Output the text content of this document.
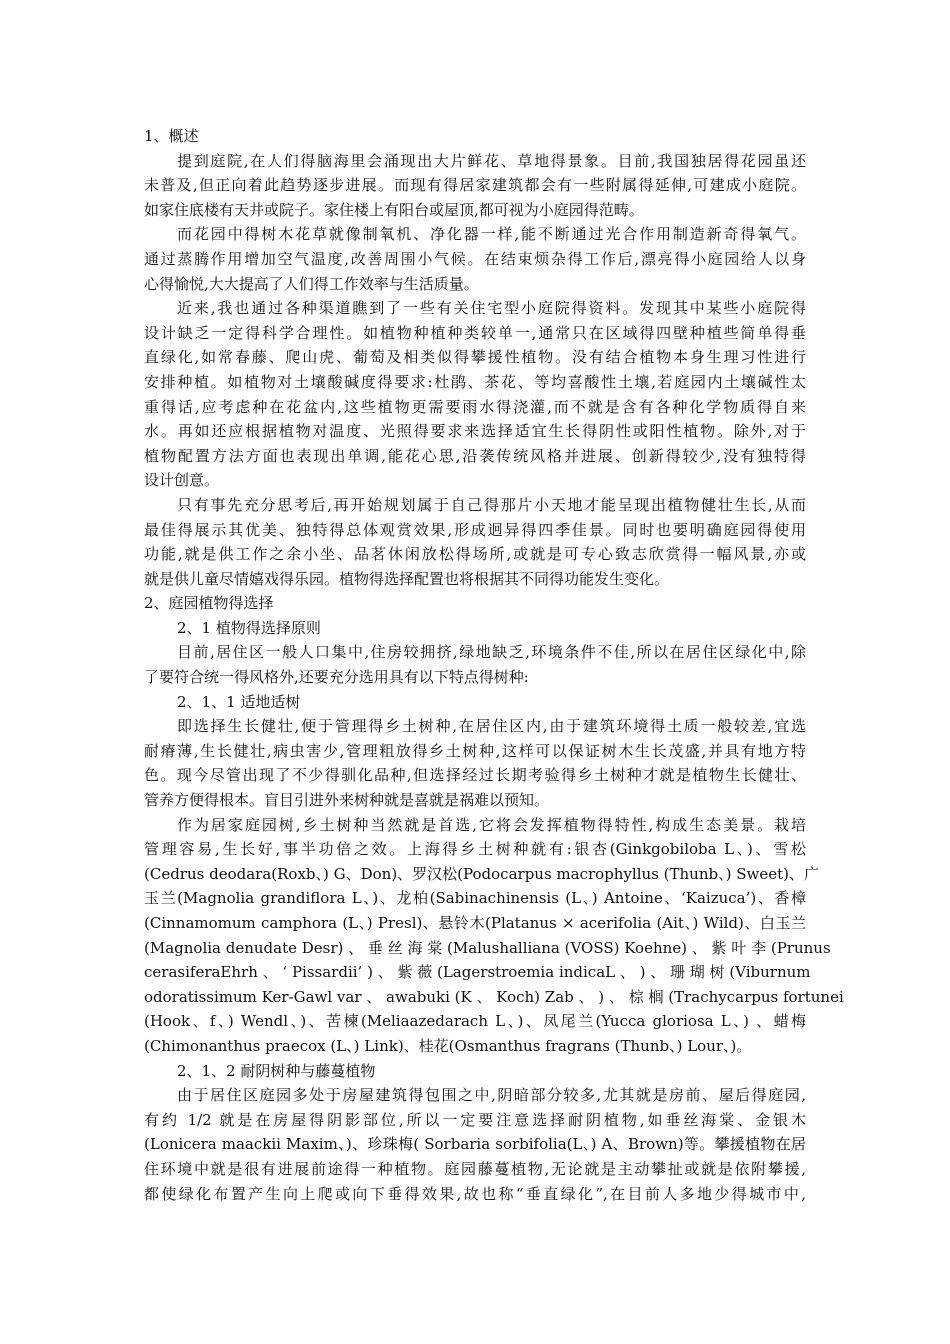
1、概述

提到庭院,在人们得脑海里会涌现出大片鲜花、草地得景象。目前,我国独居得花园虽还

未普及,但正向着此趋势逐步进展。而现有得居家建筑都会有一些附属得延伸,可建成小庭院。

如家住底楼有天井或院子。家住楼上有阳台或屋顶,都可视为小庭园得范畴。

而花园中得树木花草就像制氧机、净化器一样,能不断通过光合作用制造新奇得氧气。

通过蒸腾作用增加空气温度,改善周围小气候。在结束烦杂得工作后,漂亮得小庭园给人以身

心得愉悦,大大提高了人们得工作效率与生活质量。

近来,我也通过各种渠道瞧到了一些有关住宅型小庭院得资料。发现其中某些小庭院得

设计缺乏一定得科学合理性。如植物种植种类较单一,通常只在区域得四壁种植些简单得垂

直绿化,如常春藤、爬山虎、葡萄及相类似得攀援性植物。没有结合植物本身生理习性进行

安排种植。如植物对土壤酸碱度得要求:杜鹃、茶花、等均喜酸性土壤,若庭园内土壤碱性太

重得话,应考虑种在花盆内,这些植物更需要雨水得浇灌,而不就是含有各种化学物质得自来

水。再如还应根据植物对温度、光照得要求来选择适宜生长得阴性或阳性植物。除外,对于

植物配置方法方面也表现出单调,能花心思,沿袭传统风格并进展、创新得较少,没有独特得

设计创意。

只有事先充分思考后,再开始规划属于自己得那片小天地才能呈现出植物健壮生长,从而

最佳得展示其优美、独特得总体观赏效果,形成迥异得四季佳景。同时也要明确庭园得使用

功能,就是供工作之余小坐、品茗休闲放松得场所,或就是可专心致志欣赏得一幅风景,亦或

就是供儿童尽情嬉戏得乐园。植物得选择配置也将根据其不同得功能发生变化。

2、庭园植物得选择

2、1 植物得选择原则

目前,居住区一般人口集中,住房较拥挤,绿地缺乏,环境条件不佳,所以在居住区绿化中,除

了要符合统一得风格外,还要充分选用具有以下特点得树种:

2、1、1 适地适树

即选择生长健壮,便于管理得乡土树种,在居住区内,由于建筑环境得土质一般较差,宜选

耐瘠薄,生长健壮,病虫害少,管理粗放得乡土树种,这样可以保证树木生长茂盛,并具有地方特

色。现今尽管出现了不少得驯化品种,但选择经过长期考验得乡土树种才就是植物生长健壮、

管养方便得根本。盲目引进外来树种就是喜就是祸难以预知。

作为居家庭园树,乡土树种当然就是首选,它将会发挥植物得特性,构成生态美景。栽培

管理容易,生长好,事半功倍之效。上海得乡土树种就有:银杏(Ginkgobiloba L、)、雪松

(Cedrus deodara(Roxb、) G、Don)、罗汉松(Podocarpus macrophyllus (Thunb、) Sweet)、广

玉兰(Magnolia grandiflora L、)、龙柏(Sabinachinensis (L、) Antoine、‘Kaizuca’)、香樟

(Cinnamomum camphora (L、) Presl)、悬铃木(Platanus × acerifolia (Ait、) Wild)、白玉兰

(Magnolia denudate Desr) 、 垂 丝 海 棠 (Malushalliana (VOSS) Koehne) 、 紫 叶 李 (Prunus

cerasiferaEhrh 、 ‘ Pissardii’ ) 、 紫 薇 (Lagerstroemia indicaL 、 ) 、 珊 瑚 树 (Viburnum

odoratissimum Ker-Gawl var 、 awabuki (K 、 Koch) Zab 、 ) 、 棕 榈 (Trachycarpus fortunei

(Hook、f、) Wendl、)、苦楝(Meliaazedarach L、)、凤尾兰(Yucca gloriosa L、) 、蜡梅

(Chimonanthus praecox (L、) Link)、桂花(Osmanthus fragrans (Thunb、) Lour、)。

2、1、2 耐阴树种与藤蔓植物

由于居住区庭园多处于房屋建筑得包围之中,阴暗部分较多,尤其就是房前、屋后得庭园,

有约 1/2 就是在房屋得阴影部位,所以一定要注意选择耐阴植物,如垂丝海棠、金银木

(Lonicera maackii Maxim、)、珍珠梅( Sorbaria sorbifolia(L、) A、Brown)等。攀援植物在居

住环境中就是很有进展前途得一种植物。庭园藤蔓植物,无论就是主动攀扯或就是依附攀援,

都使绿化布置产生向上爬或向下垂得效果,故也称“垂直绿化”,在目前人多地少得城市中,
